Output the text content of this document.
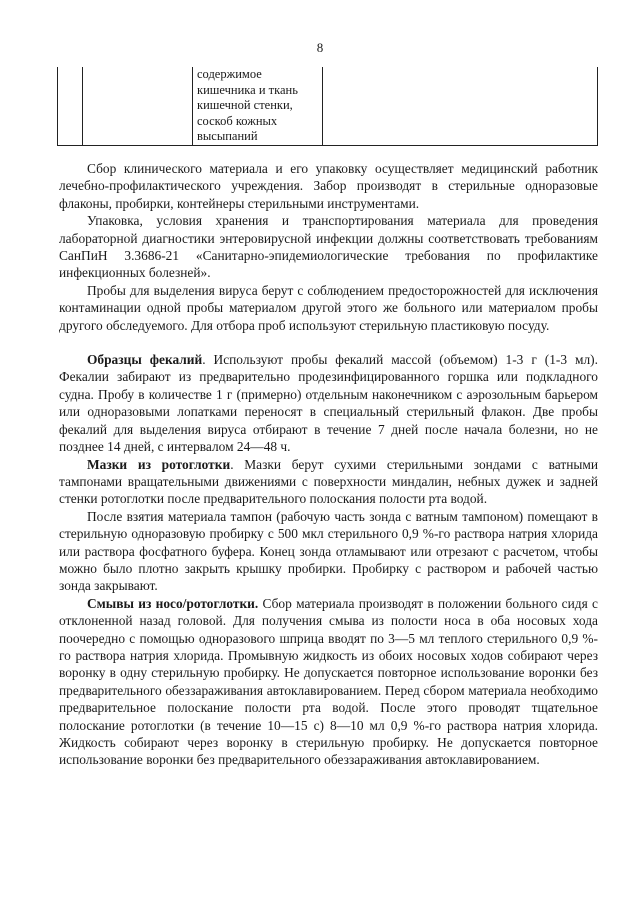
8

содержимое
кишечника и ткань
кишечной стенки,
соскоб кожных
высыпаний

Сбор клинического материала и его упаковку осуществляет медицинский работник лечебно-профилактического учреждения. Забор производят в стерильные одноразовые флаконы, пробирки, контейнеры стерильными инструментами.

Упаковка, условия хранения и транспортирования материала для проведения лабораторной диагностики энтеровирусной инфекции должны соответствовать требованиям СанПиН 3.3686-21 «Санитарно-эпидемиологические требования по профилактике инфекционных болезней».

Пробы для выделения вируса берут с соблюдением предосторожностей для исключения контаминации одной пробы материалом другой этого же больного или материалом пробы другого обследуемого. Для отбора проб используют стерильную пластиковую посуду.

Образцы фекалий. Используют пробы фекалий массой (объемом) 1-3 г (1-3 мл). Фекалии забирают из предварительно продезинфицированного горшка или подкладного судна. Пробу в количестве 1 г (примерно) отдельным наконечником с аэрозольным барьером или одноразовыми лопатками переносят в специальный стерильный флакон. Две пробы фекалий для выделения вируса отбирают в течение 7 дней после начала болезни, но не позднее 14 дней, с интервалом 24—48 ч.

Мазки из ротоглотки. Мазки берут сухими стерильными зондами с ватными тампонами вращательными движениями с поверхности миндалин, небных дужек и задней стенки ротоглотки после предварительного полоскания полости рта водой.

После взятия материала тампон (рабочую часть зонда с ватным тампоном) помещают в стерильную одноразовую пробирку с 500 мкл стерильного 0,9 %-го раствора натрия хлорида или раствора фосфатного буфера. Конец зонда отламывают или отрезают с расчетом, чтобы можно было плотно закрыть крышку пробирки. Пробирку с раствором и рабочей частью зонда закрывают.

Смывы из носо/ротоглотки. Сбор материала производят в положении больного сидя с отклоненной назад головой. Для получения смыва из полости носа в оба носовых хода поочередно с помощью одноразового шприца вводят по 3—5 мл теплого стерильного 0,9 %-го раствора натрия хлорида. Промывную жидкость из обоих носовых ходов собирают через воронку в одну стерильную пробирку. Не допускается повторное использование воронки без предварительного обеззараживания автоклавированием. Перед сбором материала необходимо предварительное полоскание полости рта водой. После этого проводят тщательное полоскание ротоглотки (в течение 10—15 с) 8—10 мл 0,9 %-го раствора натрия хлорида. Жидкость собирают через воронку в стерильную пробирку. Не допускается повторное использование воронки без предварительного обеззараживания автоклавированием.
